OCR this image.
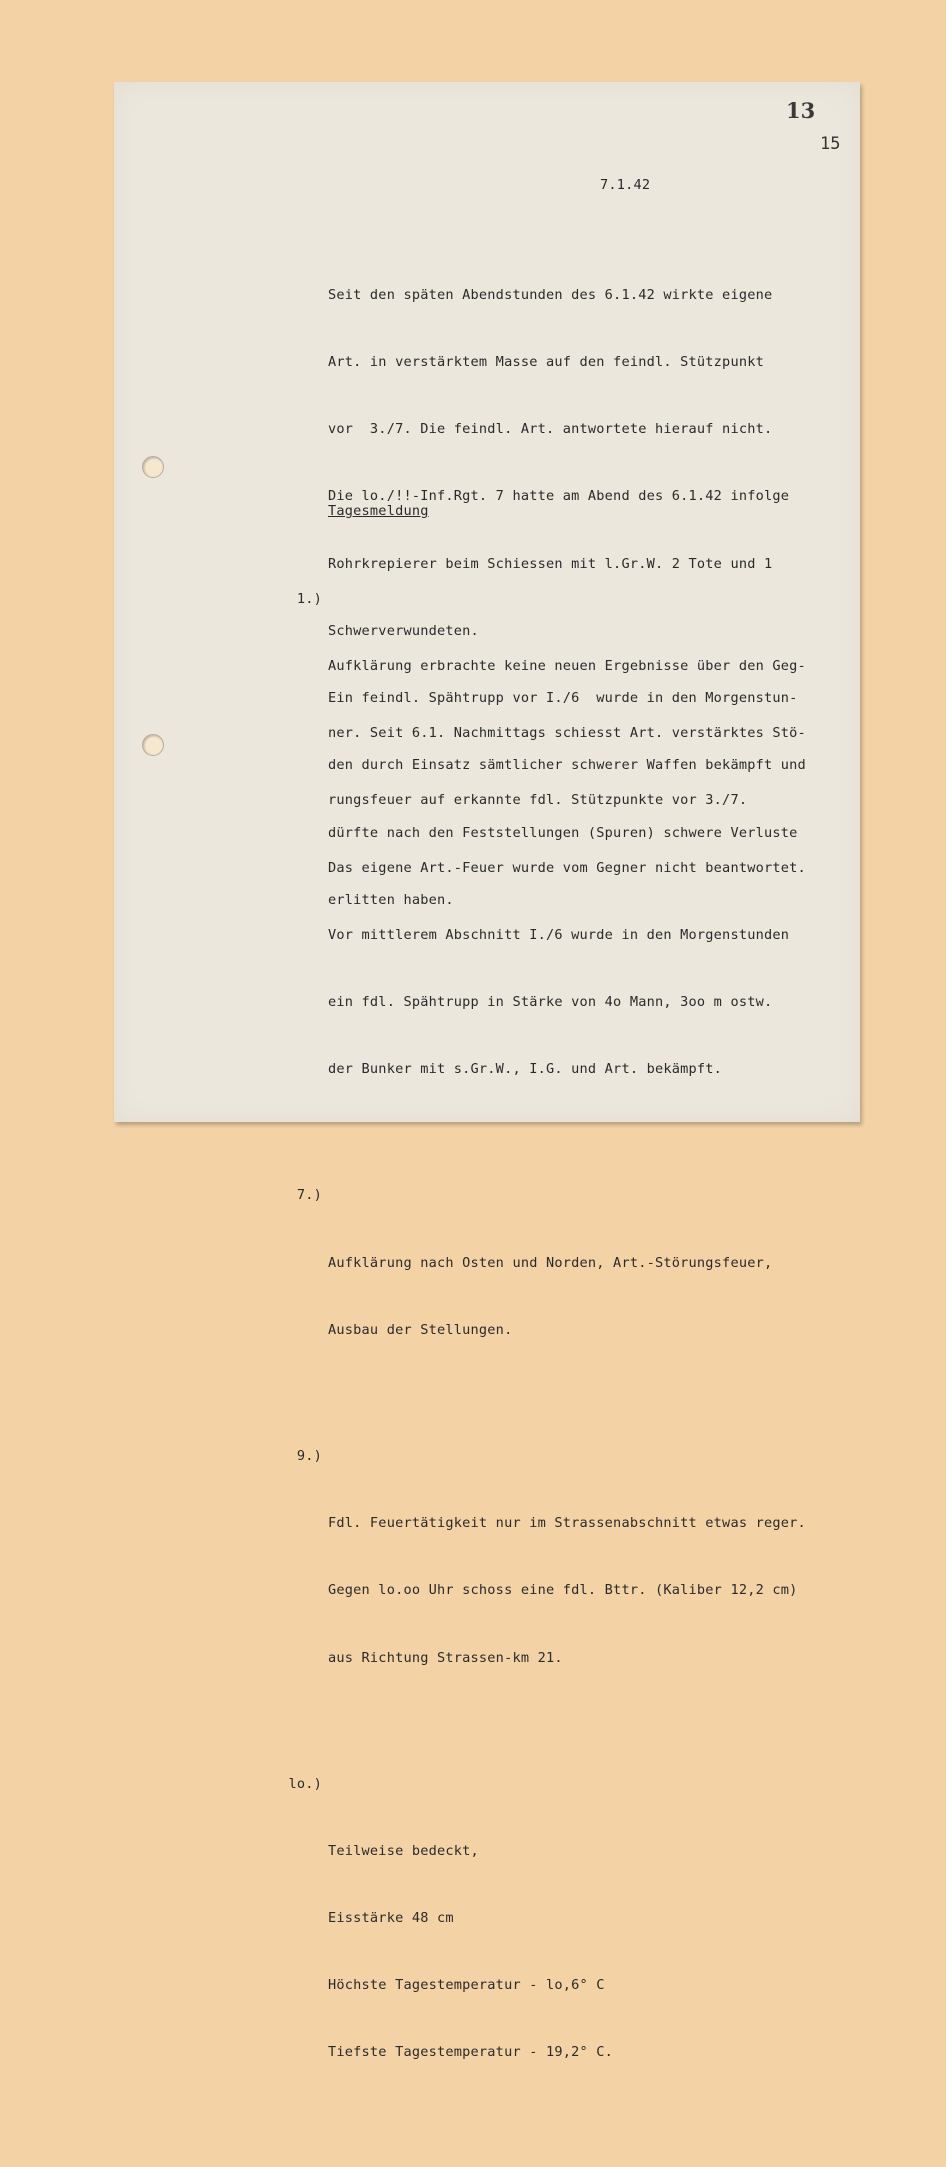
13
15
7.1.42

Seit den späten Abendstunden des 6.1.42 wirkte eigene

Art. in verstärktem Masse auf den feindl. Stützpunkt

vor  3./7. Die feindl. Art. antwortete hierauf nicht.

Die lo./!!-Inf.Rgt. 7 hatte am Abend des 6.1.42 infolge

Rohrkrepierer beim Schiessen mit l.Gr.W. 2 Tote und 1

Schwerverwundeten.

Ein feindl. Spähtrupp vor I./6  wurde in den Morgenstun-

den durch Einsatz sämtlicher schwerer Waffen bekämpft und

dürfte nach den Feststellungen (Spuren) schwere Verluste

erlitten haben.

Tagesmeldung

1.)

Aufklärung erbrachte keine neuen Ergebnisse über den Geg-

ner. Seit 6.1. Nachmittags schiesst Art. verstärktes Stö-

rungsfeuer auf erkannte fdl. Stützpunkte vor 3./7.

Das eigene Art.-Feuer wurde vom Gegner nicht beantwortet.

Vor mittlerem Abschnitt I./6 wurde in den Morgenstunden

ein fdl. Spähtrupp in Stärke von 4o Mann, 3oo m ostw.

der Bunker mit s.Gr.W., I.G. und Art. bekämpft.

7.)

Aufklärung nach Osten und Norden, Art.-Störungsfeuer,

Ausbau der Stellungen.

9.)

Fdl. Feuertätigkeit nur im Strassenabschnitt etwas reger.

Gegen lo.oo Uhr schoss eine fdl. Bttr. (Kaliber 12,2 cm)

aus Richtung Strassen-km 21.

lo.)

Teilweise bedeckt,

Eisstärke 48 cm

Höchste Tagestemperatur - lo,6° C

Tiefste Tagestemperatur - 19,2° C.
